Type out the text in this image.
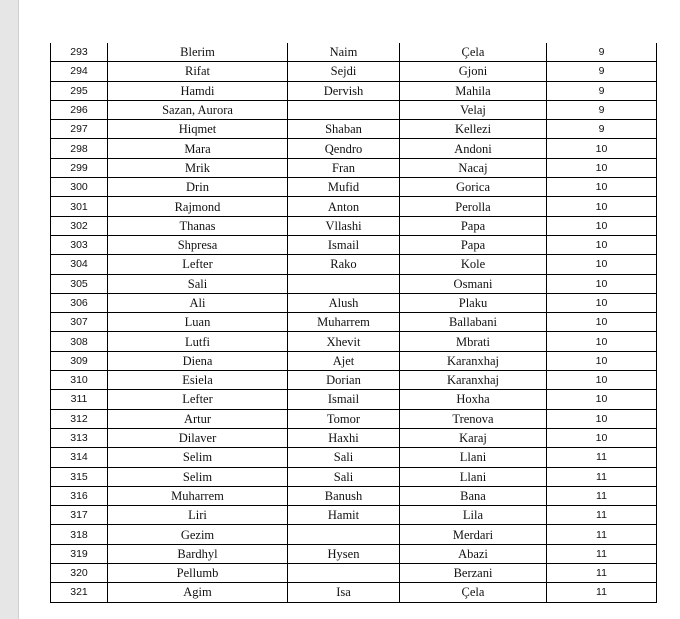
293	Blerim	Naim	Çela	9
294	Rifat	Sejdi	Gjoni	9
295	Hamdi	Dervish	Mahila	9
296	Sazan, Aurora		Velaj	9
297	Hiqmet	Shaban	Kellezi	9
298	Mara	Qendro	Andoni	10
299	Mrik	Fran	Nacaj	10
300	Drin	Mufid	Gorica	10
301	Rajmond	Anton	Perolla	10
302	Thanas	Vllashi	Papa	10
303	Shpresa	Ismail	Papa	10
304	Lefter	Rako	Kole	10
305	Sali		Osmani	10
306	Ali	Alush	Plaku	10
307	Luan	Muharrem	Ballabani	10
308	Lutfi	Xhevit	Mbrati	10
309	Diena	Ajet	Karanxhaj	10
310	Esiela	Dorian	Karanxhaj	10
311	Lefter	Ismail	Hoxha	10
312	Artur	Tomor	Trenova	10
313	Dilaver	Haxhi	Karaj	10
314	Selim	Sali	Llani	11
315	Selim	Sali	Llani	11
316	Muharrem	Banush	Bana	11
317	Liri	Hamit	Lila	11
318	Gezim		Merdari	11
319	Bardhyl	Hysen	Abazi	11
320	Pellumb		Berzani	11
321	Agim	Isa	Çela	11
